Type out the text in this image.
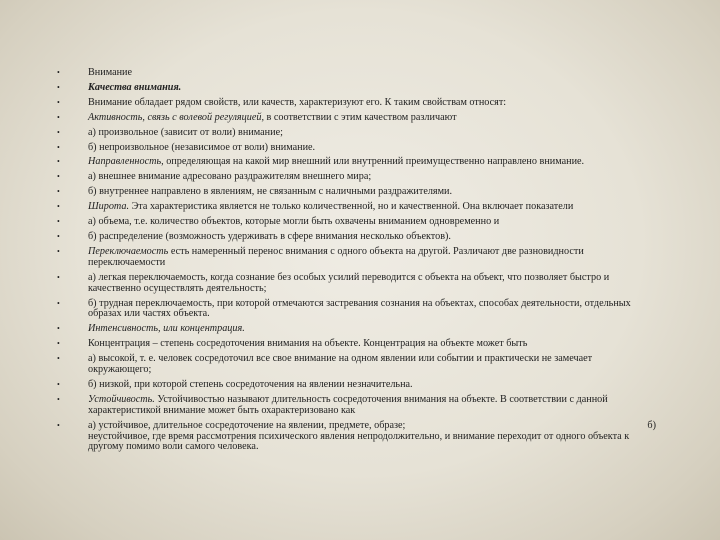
• Внимание
• Качества внимания.
• Внимание обладает рядом свойств, или качеств, характеризуют его. К таким свойствам относят:
• Активность, связь с волевой регуляцией, в соответствии с этим качеством различают
• а) произвольное (зависит от воли) внимание;
• б) непроизвольное (независимое от воли) внимание.
• Направленность, определяющая на какой мир внешний или внутренний преимущественно направлено внимание.
• а) внешнее внимание адресовано раздражителям внешнего мира;
• б) внутреннее направлено в явлениям, не связанным с наличными раздражителями.
• Широта. Эта характеристика является не только количественной, но и качественной. Она включает показатели
• а) объема, т.е. количество объектов, которые могли быть охвачены вниманием одновременно и
• б) распределение (возможность удерживать в сфере внимания несколько объектов).
• Переключаемость есть намеренный перенос внимания с одного объекта на другой. Различают две разновидности переключаемости
• а) легкая переключаемость, когда сознание без особых усилий переводится с объекта на объект, что позволяет быстро и качественно осуществлять деятельность;
• б) трудная переключаемость, при которой отмечаются застревания сознания на объектах, способах деятельности, отдельных образах или частях объекта.
• Интенсивность, или концентрация.
• Концентрация – степень сосредоточения внимания на объекте. Концентрация на объекте может быть
• а) высокой, т. е. человек сосредоточил все свое внимание на одном явлении или событии и практически не замечает окружающего;
• б) низкой, при которой степень сосредоточения на явлении незначительна.
• Устойчивость. Устойчивостью называют длительность сосредоточения внимания на объекте. В соответствии с данной характеристикой внимание может быть охарактеризовано как
• а) устойчивое, длительное сосредоточение на явлении, предмете, образе;	б)
неустойчивое, где время рассмотрения психического явления непродолжительно, и внимание переходит от одного объекта к другому помимо воли самого человека.
